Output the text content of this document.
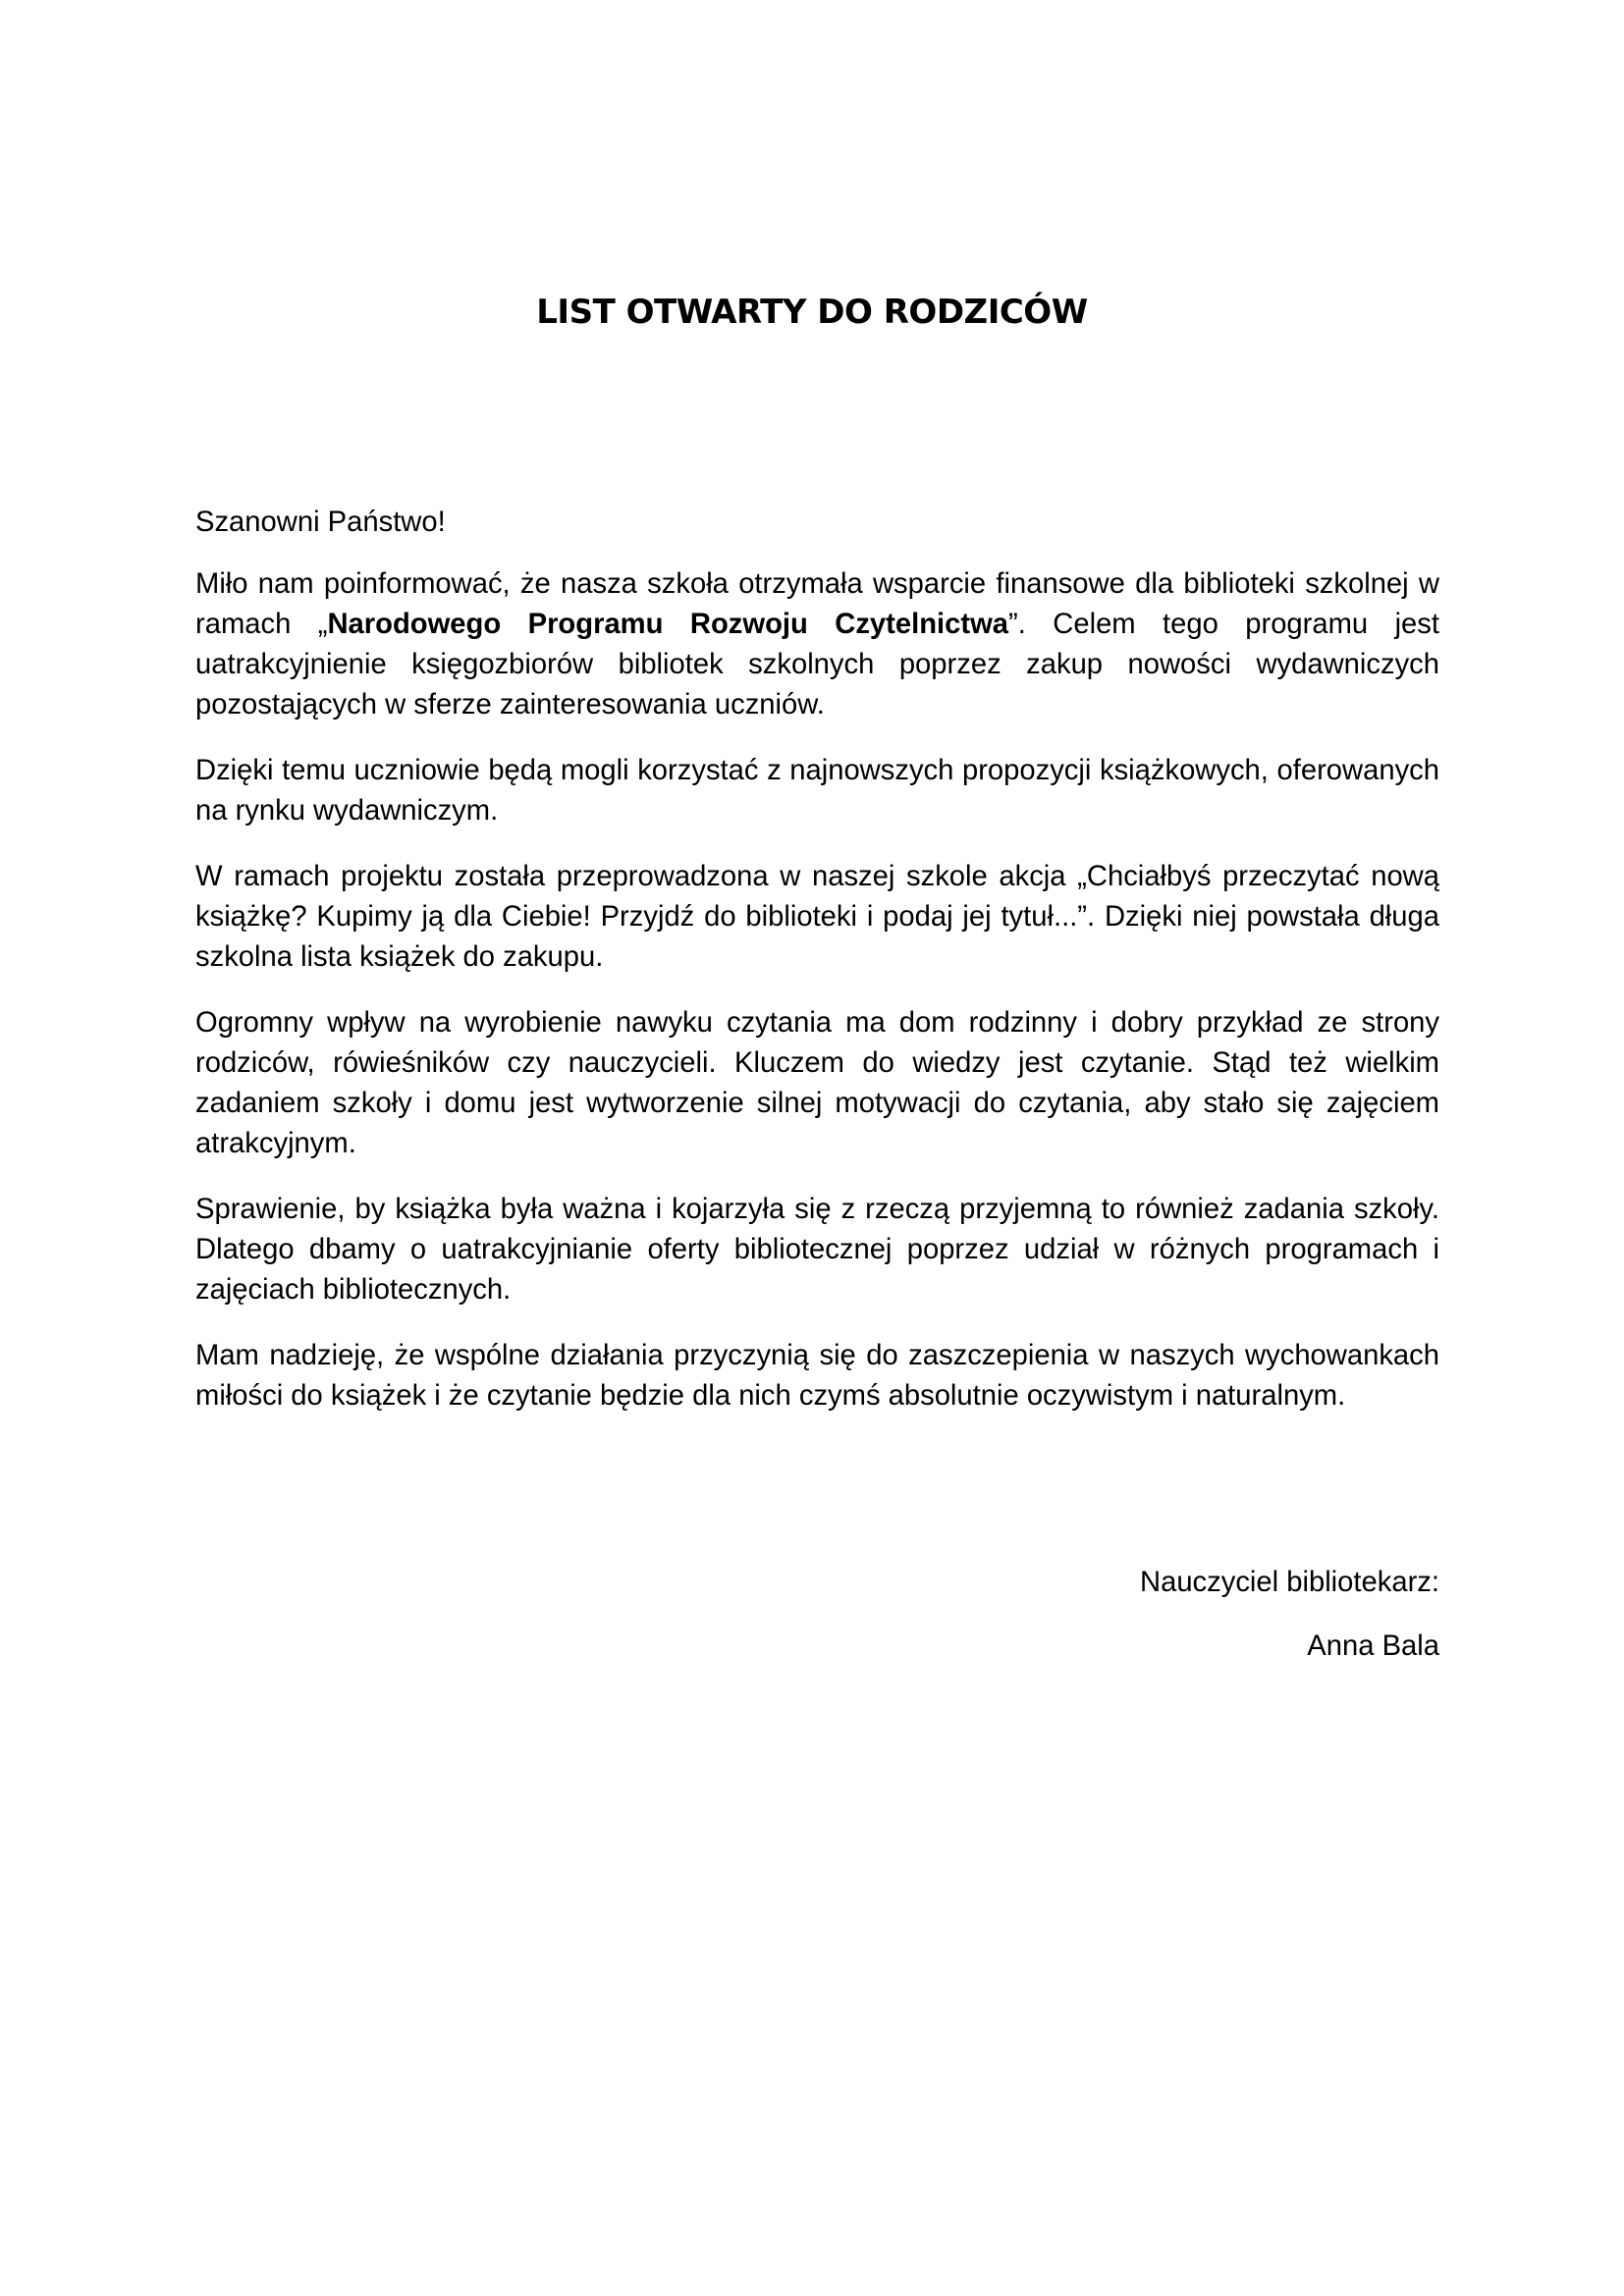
LIST OTWARTY DO RODZICÓW

Szanowni Państwo!

Miło nam poinformować, że nasza szkoła otrzymała wsparcie finansowe dla biblioteki szkolnej w ramach „Narodowego Programu Rozwoju Czytelnictwa”. Celem tego programu jest uatrakcyjnienie księgozbiorów bibliotek szkolnych poprzez zakup nowości wydawniczych pozostających w sferze zainteresowania uczniów.

Dzięki temu uczniowie będą mogli korzystać z najnowszych propozycji książkowych, oferowanych na rynku wydawniczym.

W ramach projektu została przeprowadzona w naszej szkole akcja „Chciałbyś przeczytać nową książkę? Kupimy ją dla Ciebie! Przyjdź do biblioteki i podaj jej tytuł...”. Dzięki niej powstała długa szkolna lista książek do zakupu.

Ogromny wpływ na wyrobienie nawyku czytania ma dom rodzinny i dobry przykład ze strony rodziców, rówieśników czy nauczycieli. Kluczem do wiedzy jest czytanie. Stąd też wielkim zadaniem szkoły i domu jest wytworzenie silnej motywacji do czytania, aby stało się zajęciem atrakcyjnym.

Sprawienie, by książka była ważna i kojarzyła się z rzeczą przyjemną to również zadania szkoły. Dlatego dbamy o uatrakcyjnianie oferty bibliotecznej poprzez udział w różnych programach i zajęciach bibliotecznych.

Mam nadzieję, że wspólne działania przyczynią się do zaszczepienia w naszych wychowankach miłości do książek i że czytanie będzie dla nich czymś absolutnie oczywistym i naturalnym.

Nauczyciel bibliotekarz:

Anna Bala
